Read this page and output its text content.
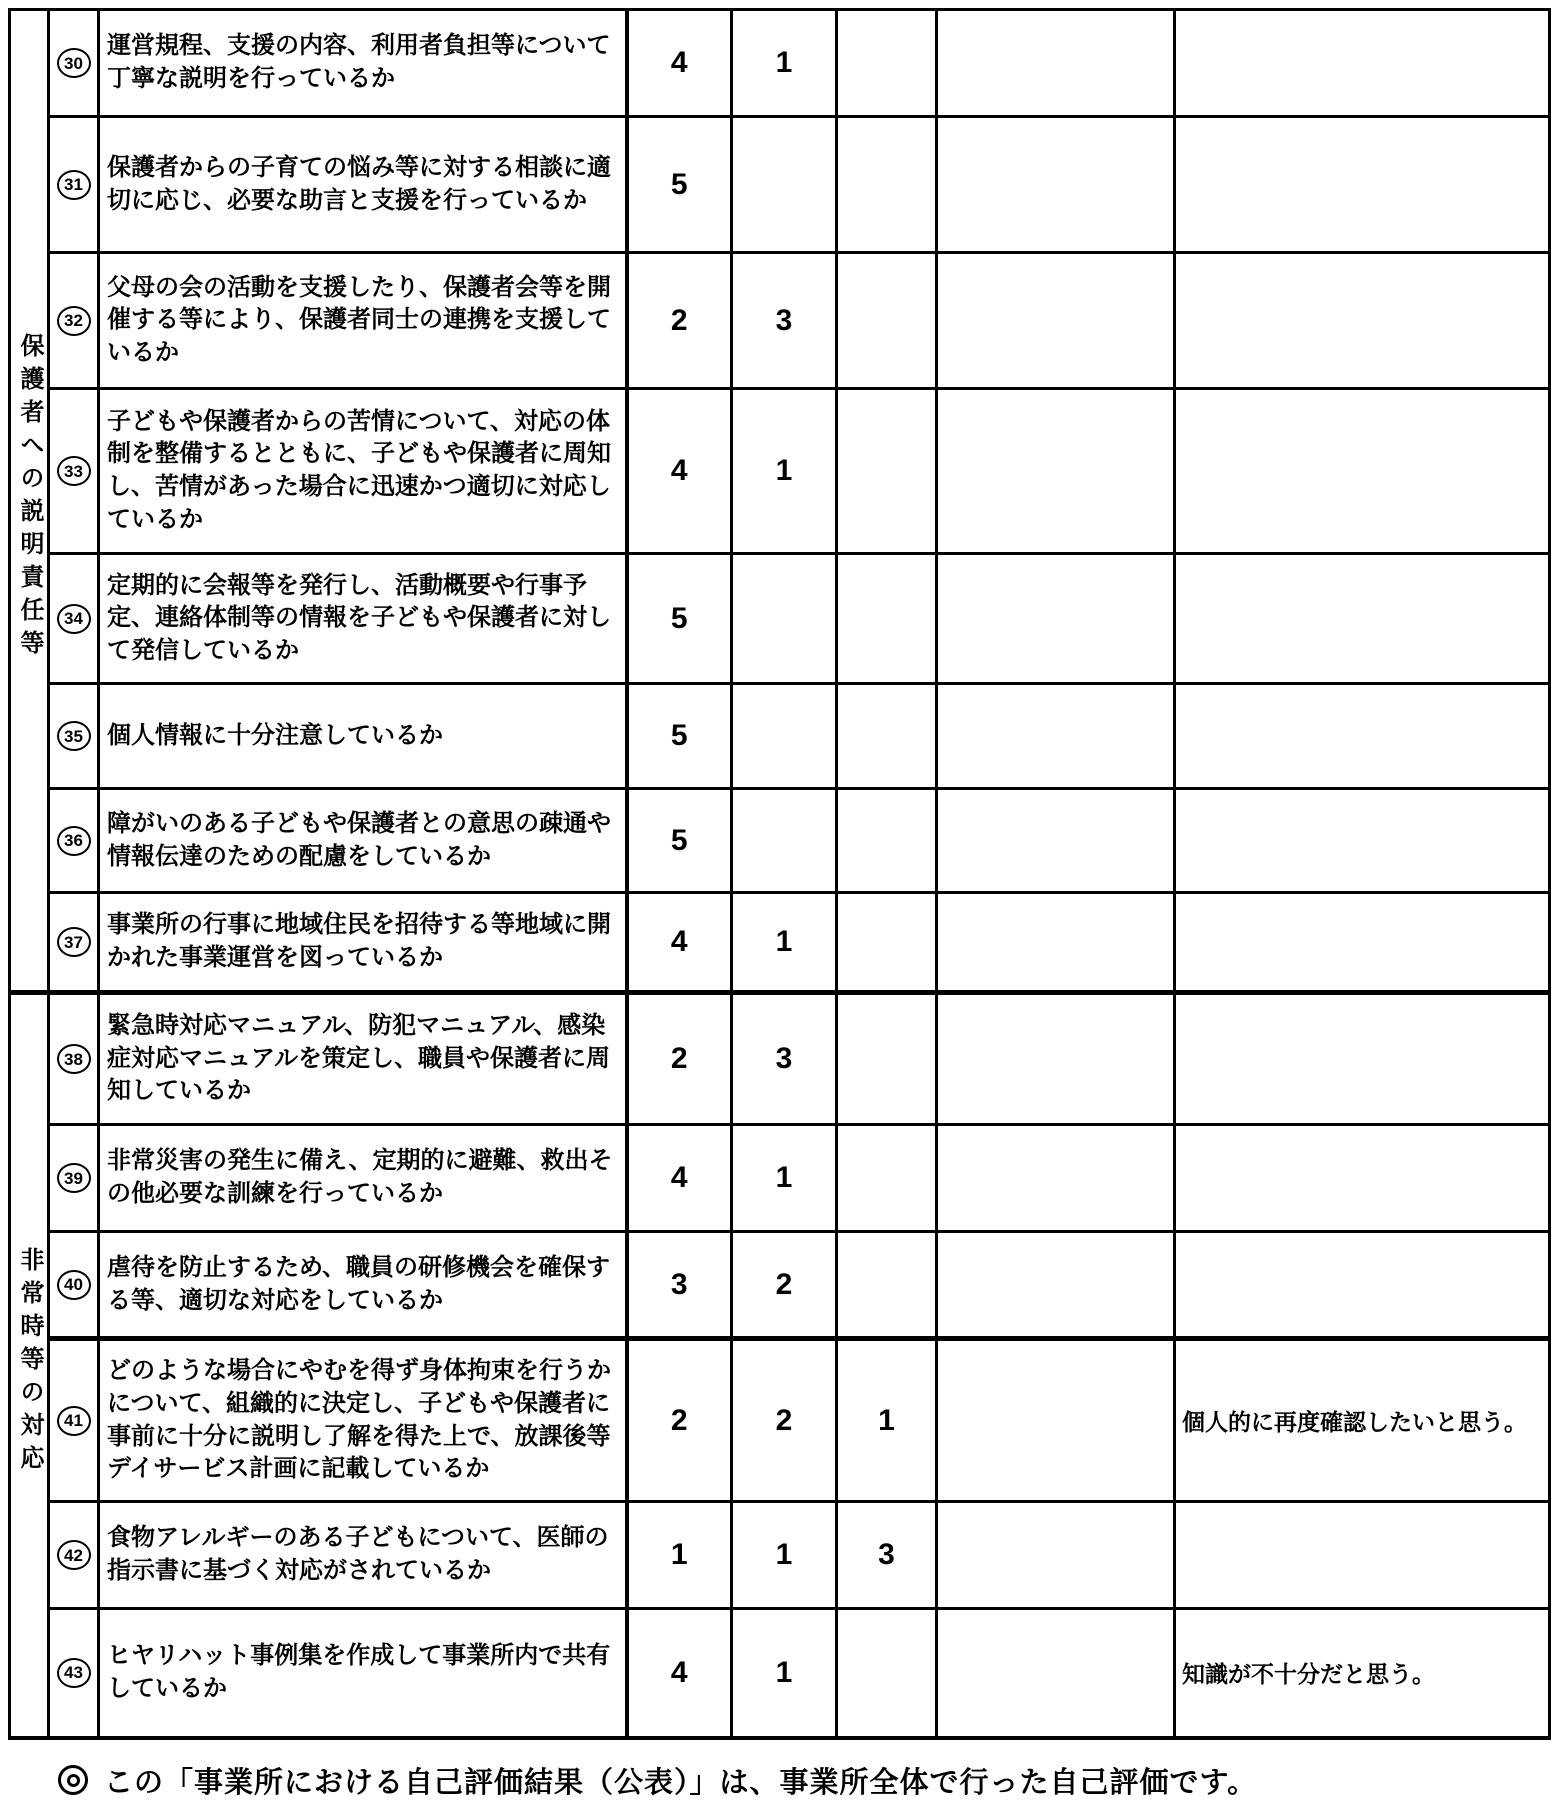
保護者への説明責任等	30	運営規程、支援の内容、利用者負担等について丁寧な説明を行っているか	4	1			
	31	保護者からの子育ての悩み等に対する相談に適切に応じ、必要な助言と支援を行っているか	5				
	32	父母の会の活動を支援したり、保護者会等を開催する等により、保護者同士の連携を支援しているか	2	3			
	33	子どもや保護者からの苦情について、対応の体制を整備するとともに、子どもや保護者に周知し、苦情があった場合に迅速かつ適切に対応しているか	4	1			
	34	定期的に会報等を発行し、活動概要や行事予定、連絡体制等の情報を子どもや保護者に対して発信しているか	5				
	35	個人情報に十分注意しているか	5				
	36	障がいのある子どもや保護者との意思の疎通や情報伝達のための配慮をしているか	5				
	37	事業所の行事に地域住民を招待する等地域に開かれた事業運営を図っているか	4	1			
非常時等の対応	38	緊急時対応マニュアル、防犯マニュアル、感染症対応マニュアルを策定し、職員や保護者に周知しているか	2	3			
	39	非常災害の発生に備え、定期的に避難、救出その他必要な訓練を行っているか	4	1			
	40	虐待を防止するため、職員の研修機会を確保する等、適切な対応をしているか	3	2			
	41	どのような場合にやむを得ず身体拘束を行うかについて、組織的に決定し、子どもや保護者に事前に十分に説明し了解を得た上で、放課後等デイサービス計画に記載しているか	2	2	1		個人的に再度確認したいと思う。
	42	食物アレルギーのある子どもについて、医師の指示書に基づく対応がされているか	1	1	3		
	43	ヒヤリハット事例集を作成して事業所内で共有しているか	4	1			知識が不十分だと思う。
この「事業所における自己評価結果（公表）」は、事業所全体で行った自己評価です。
